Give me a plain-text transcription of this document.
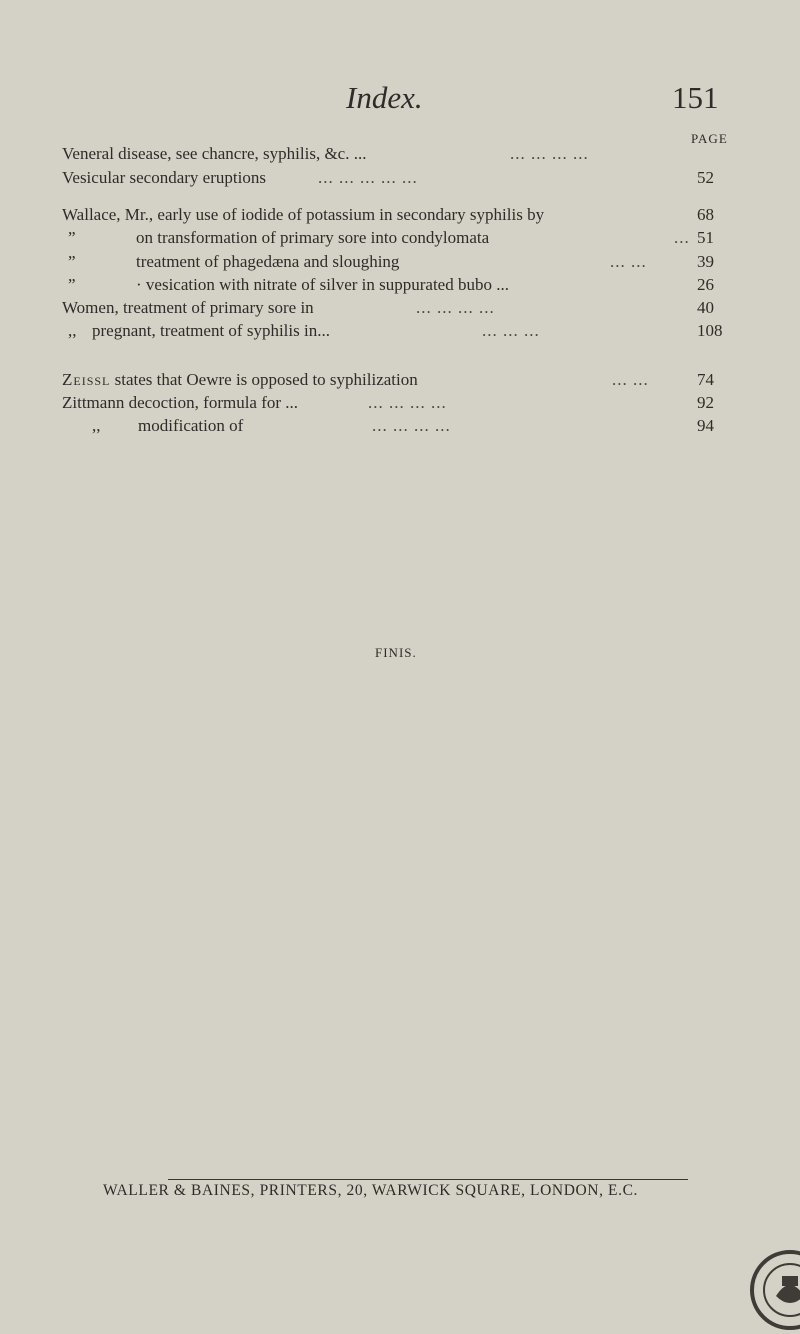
Index.	151
PAGE
Veneral disease, see chancre, syphilis, &c. ...	... ... ... ...
Vesicular secondary eruptions	... ... ... ... ...	52
Wallace, Mr., early use of iodide of potassium in secondary syphilis by	68
”	on transformation of primary sore into condylomata	... 51
”	treatment of phagedæna and sloughing	... ...	39
”	· vesication with nitrate of silver in suppurated bubo ...	26
Women, treatment of primary sore in	... ... ... ...	40
,, pregnant, treatment of syphilis in...	... ... ...	108
Zeissl states that Oewre is opposed to syphilization	... ...	74
Zittmann decoction, formula for ...	... ... ... ...	92
,, modification of	... ... ... ...	94
FINIS.
WALLER & BAINES, PRINTERS, 20, WARWICK SQUARE, LONDON, E.C.
